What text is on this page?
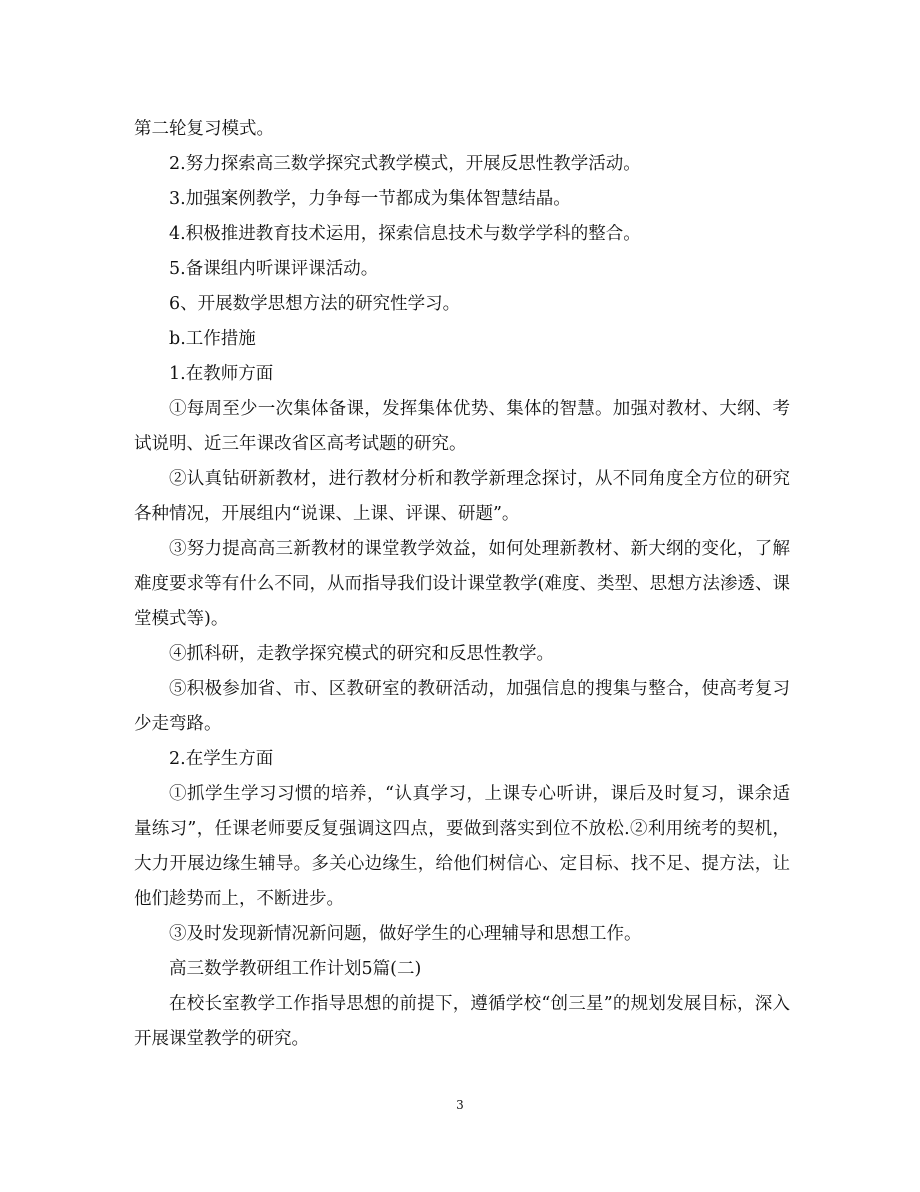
第二轮复习模式。

2.努力探索高三数学探究式教学模式，开展反思性教学活动。

3.加强案例教学，力争每一节都成为集体智慧结晶。

4.积极推进教育技术运用，探索信息技术与数学学科的整合。

5.备课组内听课评课活动。

6、开展数学思想方法的研究性学习。

b.工作措施

1.在教师方面

①每周至少一次集体备课，发挥集体优势、集体的智慧。加强对教材、大纲、考试说明、近三年课改省区高考试题的研究。

②认真钻研新教材，进行教材分析和教学新理念探讨，从不同角度全方位的研究各种情况，开展组内“说课、上课、评课、研题”。

③努力提高高三新教材的课堂教学效益，如何处理新教材、新大纲的变化，了解难度要求等有什么不同，从而指导我们设计课堂教学(难度、类型、思想方法渗透、课堂模式等)。

④抓科研，走教学探究模式的研究和反思性教学。

⑤积极参加省、市、区教研室的教研活动，加强信息的搜集与整合，使高考复习少走弯路。

2.在学生方面

①抓学生学习习惯的培养，“认真学习，上课专心听讲，课后及时复习，课余适量练习”，任课老师要反复强调这四点，要做到落实到位不放松.②利用统考的契机，大力开展边缘生辅导。多关心边缘生，给他们树信心、定目标、找不足、提方法，让他们趁势而上，不断进步。

③及时发现新情况新问题，做好学生的心理辅导和思想工作。

高三数学教研组工作计划5篇(二)

在校长室教学工作指导思想的前提下，遵循学校“创三星”的规划发展目标，深入开展课堂教学的研究。

3
